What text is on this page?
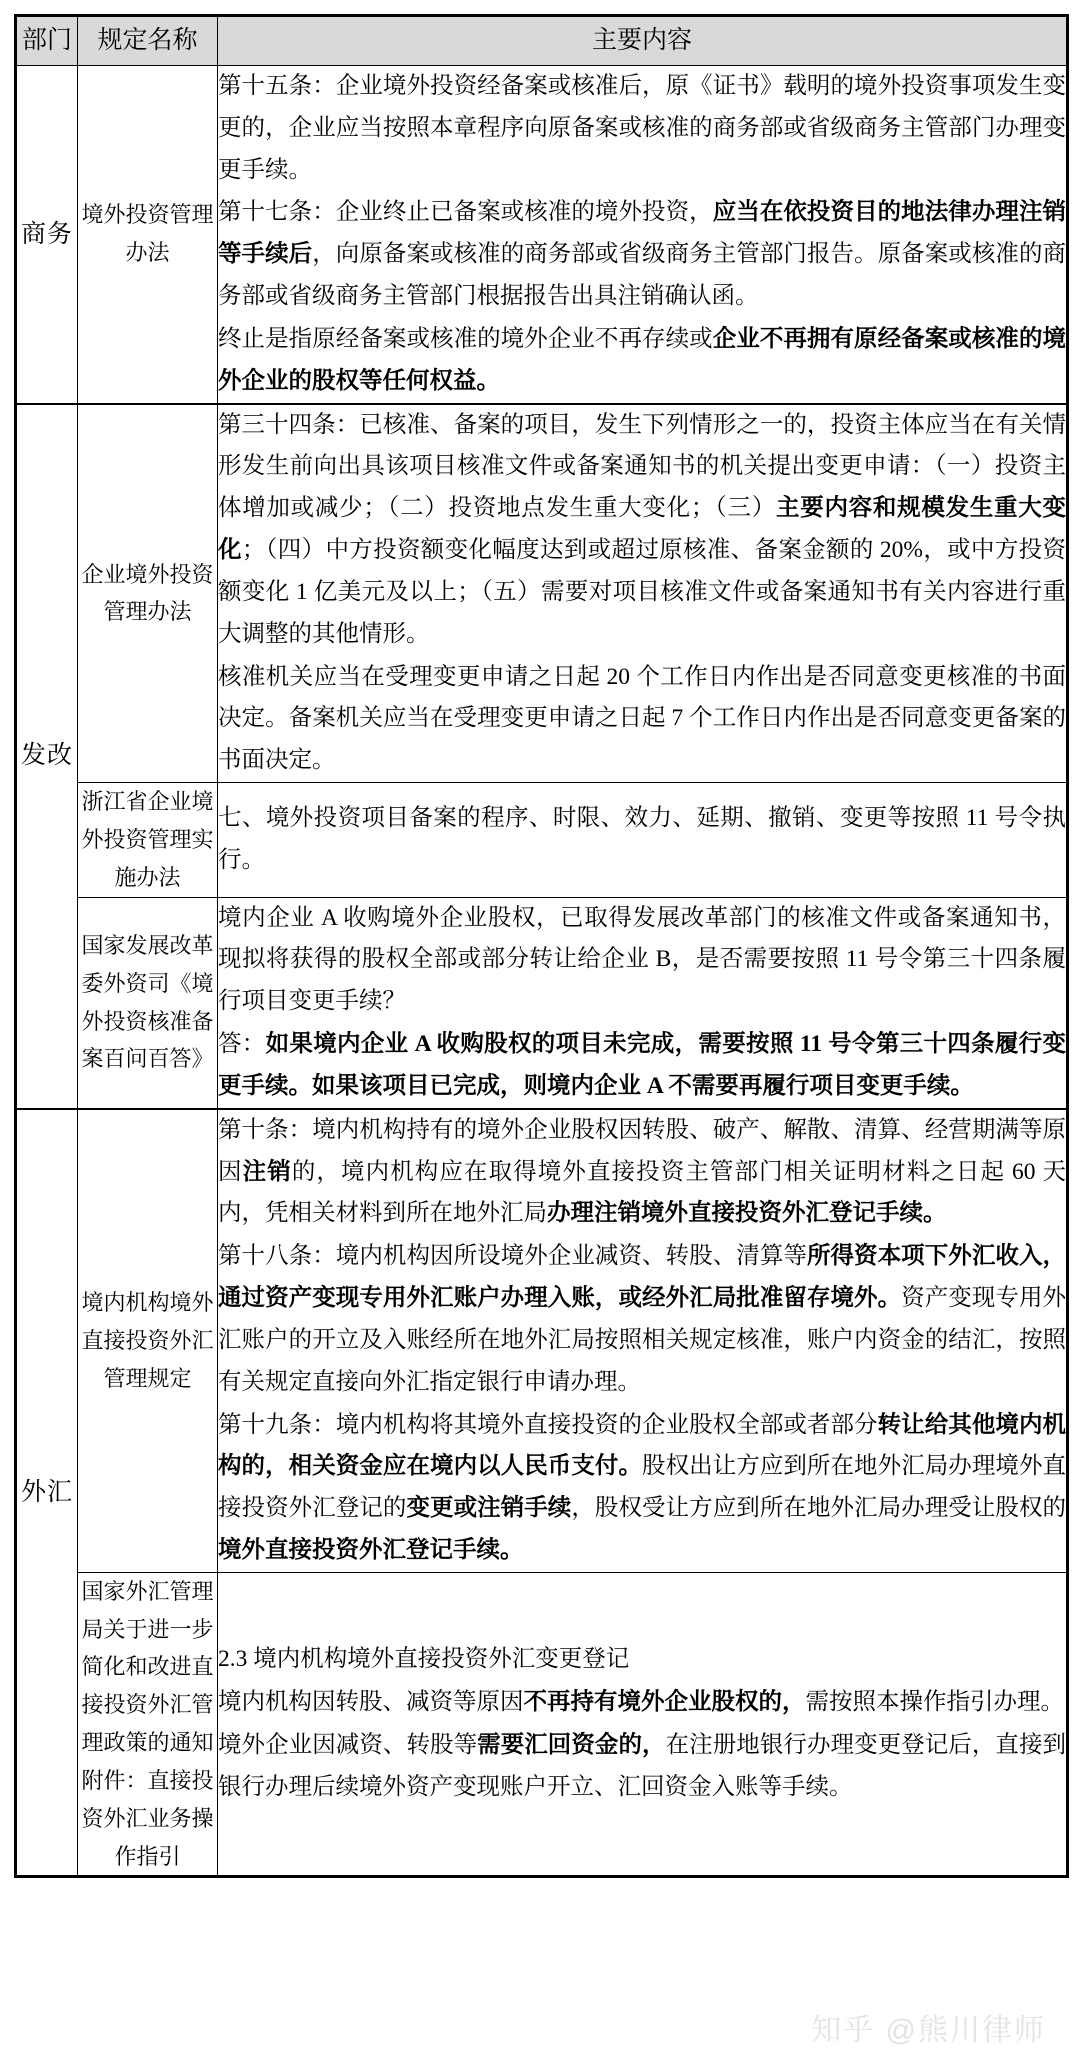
部门	规定名称	主要内容
商务	境外投资管理办法	第十五条：企业境外投资经备案或核准后，原《证书》载明的境外投资事项发生变更的，企业应当按照本章程序向原备案或核准的商务部或省级商务主管部门办理变更手续。

第十七条：企业终止已备案或核准的境外投资，应当在依投资目的地法律办理注销等手续后，向原备案或核准的商务部或省级商务主管部门报告。原备案或核准的商务部或省级商务主管部门根据报告出具注销确认函。

终止是指原经备案或核准的境外企业不再存续或企业不再拥有原经备案或核准的境外企业的股权等任何权益。

发改	企业境外投资管理办法	第三十四条：已核准、备案的项目，发生下列情形之一的，投资主体应当在有关情形发生前向出具该项目核准文件或备案通知书的机关提出变更申请：（一）投资主体增加或减少；（二）投资地点发生重大变化；（三）主要内容和规模发生重大变化；（四）中方投资额变化幅度达到或超过原核准、备案金额的 20%，或中方投资额变化 1 亿美元及以上；（五）需要对项目核准文件或备案通知书有关内容进行重大调整的其他情形。

核准机关应当在受理变更申请之日起 20 个工作日内作出是否同意变更核准的书面决定。备案机关应当在受理变更申请之日起 7 个工作日内作出是否同意变更备案的书面决定。

	浙江省企业境外投资管理实施办法	七、境外投资项目备案的程序、时限、效力、延期、撤销、变更等按照 11 号令执行。

	国家发展改革委外资司《境外投资核准备案百问百答》	境内企业 A 收购境外企业股权，已取得发展改革部门的核准文件或备案通知书，现拟将获得的股权全部或部分转让给企业 B，是否需要按照 11 号令第三十四条履行项目变更手续？

答：如果境内企业 A 收购股权的项目未完成，需要按照 11 号令第三十四条履行变更手续。如果该项目已完成，则境内企业 A 不需要再履行项目变更手续。

外汇	境内机构境外直接投资外汇管理规定	第十条：境内机构持有的境外企业股权因转股、破产、解散、清算、经营期满等原因注销的，境内机构应在取得境外直接投资主管部门相关证明材料之日起 60 天内，凭相关材料到所在地外汇局办理注销境外直接投资外汇登记手续。

第十八条：境内机构因所设境外企业减资、转股、清算等所得资本项下外汇收入，通过资产变现专用外汇账户办理入账，或经外汇局批准留存境外。资产变现专用外汇账户的开立及入账经所在地外汇局按照相关规定核准，账户内资金的结汇，按照有关规定直接向外汇指定银行申请办理。

第十九条：境内机构将其境外直接投资的企业股权全部或者部分转让给其他境内机构的，相关资金应在境内以人民币支付。股权出让方应到所在地外汇局办理境外直接投资外汇登记的变更或注销手续，股权受让方应到所在地外汇局办理受让股权的境外直接投资外汇登记手续。

	国家外汇管理局关于进一步简化和改进直接投资外汇管理政策的通知附件：直接投资外汇业务操作指引	2.3 境内机构境外直接投资外汇变更登记

境内机构因转股、减资等原因不再持有境外企业股权的，需按照本操作指引办理。

境外企业因减资、转股等需要汇回资金的，在注册地银行办理变更登记后，直接到银行办理后续境外资产变现账户开立、汇回资金入账等手续。

知乎 @熊川律师
